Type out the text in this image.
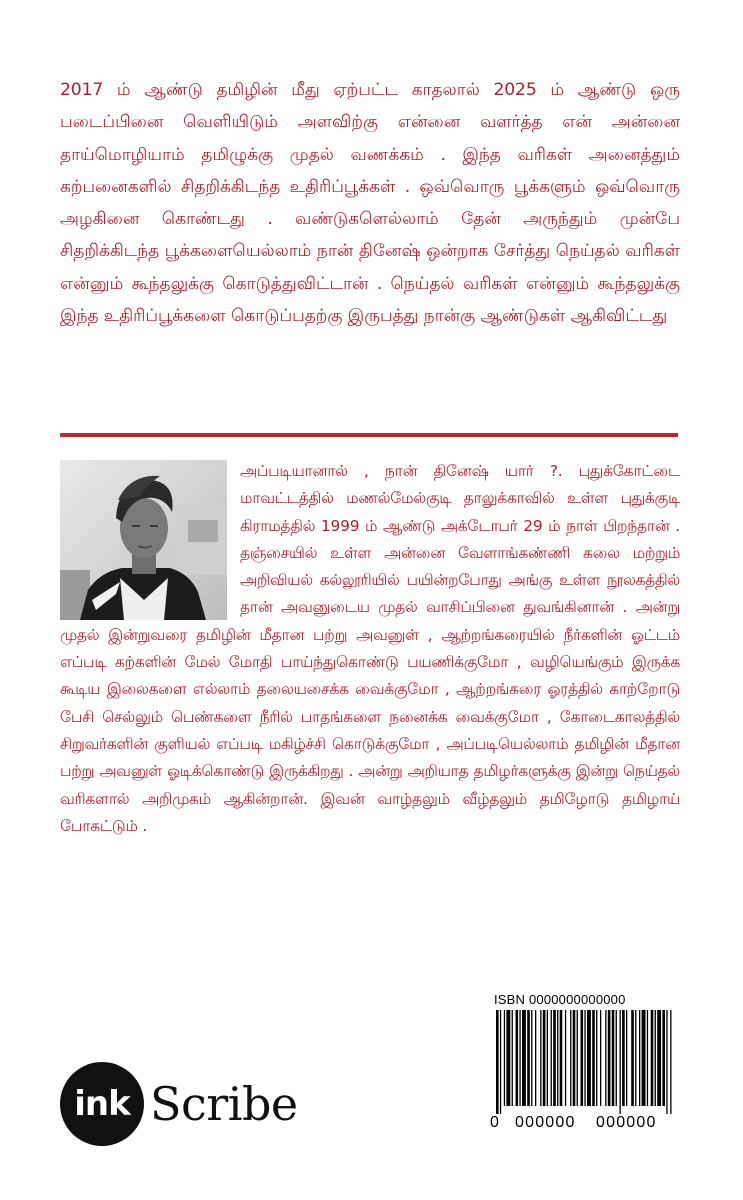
2017 ம் ஆண்டு தமிழின் மீது ஏற்பட்ட காதலால் 2025 ம் ஆண்டு ஒரு படைப்பினை வெளியிடும் அளவிற்கு என்னை வளர்த்த என் அன்னை தாய்மொழியாம் தமிழுக்கு முதல் வணக்கம் . இந்த வரிகள் அனைத்தும் கற்பனைகளில் சிதறிக்கிடந்த உதிரிப்பூக்கள் . ஒவ்வொரு பூக்களும் ஒவ்வொரு அழகினை கொண்டது . வண்டுகளெல்லாம் தேன் அருந்தும் முன்பே சிதறிக்கிடந்த பூக்களையெல்லாம் நான் தினேஷ் ஒன்றாக சேர்த்து நெய்தல் வரிகள் என்னும் கூந்தலுக்கு கொடுத்துவிட்டான் . நெய்தல் வரிகள் என்னும் கூந்தலுக்கு இந்த உதிரிப்பூக்களை கொடுப்பதற்கு இருபத்து நான்கு ஆண்டுகள் ஆகிவிட்டது
அப்படியானால் , நான் தினேஷ் யார் ?. புதுக்கோட்டை மாவட்டத்தில் மணல்மேல்குடி தாலுக்காவில் உள்ள புதுக்குடி கிராமத்தில் 1999 ம் ஆண்டு அக்டோபர் 29 ம் நாள் பிறந்தான் . தஞ்சையில் உள்ள அன்னை வேளாங்கண்ணி கலை மற்றும் அறிவியல் கல்லூரியில் பயின்றபோது அங்கு உள்ள நூலகத்தில் தான் அவனுடைய முதல் வாசிப்பினை துவங்கினான் . அன்று முதல் இன்றுவரை தமிழின் மீதான பற்று அவனுள் , ஆற்றங்கரையில் நீர்களின் ஓட்டம் எப்படி கற்களின் மேல் மோதி பாய்ந்துகொண்டு பயணிக்குமோ , வழியெங்கும் இருக்க கூடிய இலைகளை எல்லாம் தலையசைக்க வைக்குமோ , ஆற்றங்கரை ஓரத்தில் காற்றோடு பேசி செல்லும் பெண்களை நீரில் பாதங்களை நனைக்க வைக்குமோ , கோடைகாலத்தில் சிறுவர்களின் குளியல் எப்படி மகிழ்ச்சி கொடுக்குமோ , அப்படியெல்லாம் தமிழின் மீதான பற்று அவனுள் ஓடிக்கொண்டு இருக்கிறது . அன்று அறியாத தமிழர்களுக்கு இன்று நெய்தல் வரிகளால் அறிமுகம் ஆகின்றான். இவன் வாழ்தலும் வீழ்தலும் தமிழோடு தமிழாய் போகட்டும் .
ink Scribe
ISBN 0000000000000
0 000000 000000
